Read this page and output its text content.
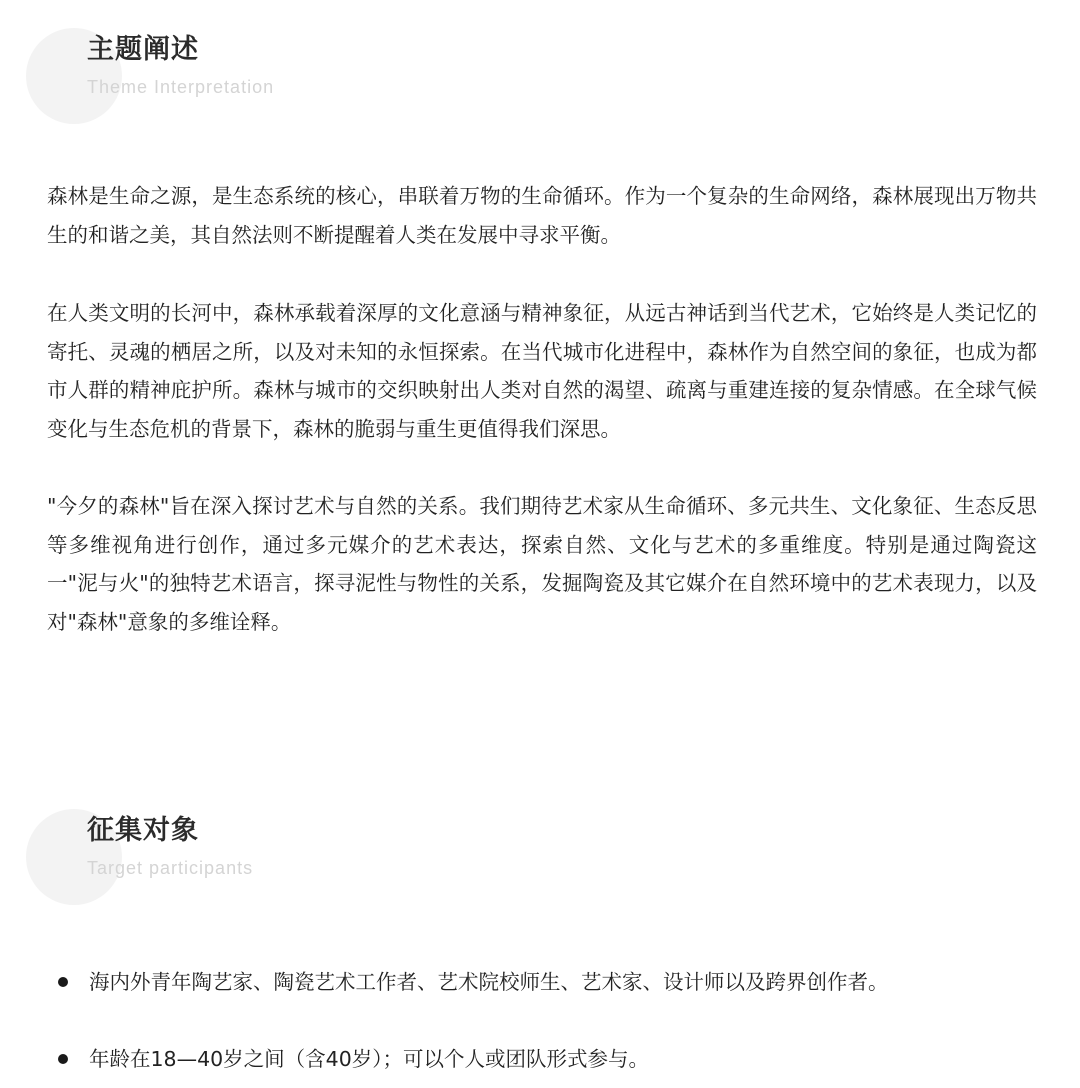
主题阐述
Theme Interpretation

森林是生命之源，是生态系统的核心，串联着万物的生命循环。作为一个复杂的生命网络，森林展现出万物共生的和谐之美，其自然法则不断提醒着人类在发展中寻求平衡。

在人类文明的长河中，森林承载着深厚的文化意涵与精神象征，从远古神话到当代艺术，它始终是人类记忆的寄托、灵魂的栖居之所，以及对未知的永恒探索。在当代城市化进程中，森林作为自然空间的象征，也成为都市人群的精神庇护所。森林与城市的交织映射出人类对自然的渴望、疏离与重建连接的复杂情感。在全球气候变化与生态危机的背景下，森林的脆弱与重生更值得我们深思。

"今夕的森林"旨在深入探讨艺术与自然的关系。我们期待艺术家从生命循环、多元共生、文化象征、生态反思等多维视角进行创作，通过多元媒介的艺术表达，探索自然、文化与艺术的多重维度。特别是通过陶瓷这一"泥与火"的独特艺术语言，探寻泥性与物性的关系，发掘陶瓷及其它媒介在自然环境中的艺术表现力，以及对"森林"意象的多维诠释。

征集对象
Target participants
海内外青年陶艺家、陶瓷艺术工作者、艺术院校师生、艺术家、设计师以及跨界创作者。
年龄在18—40岁之间（含40岁）；可以个人或团队形式参与。
